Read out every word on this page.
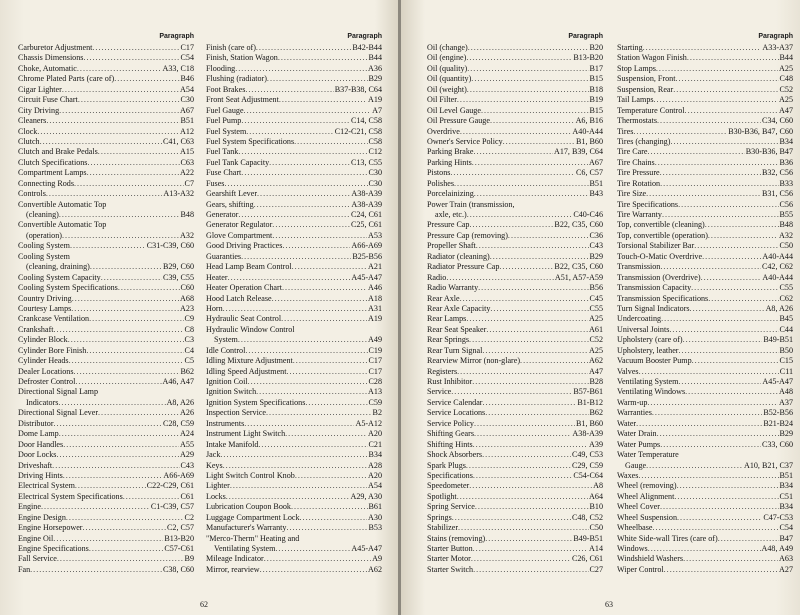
Paragraph
Carburetor Adjustment .....	C17
Chassis Dimensions .....	C54
Choke, Automatic .....	A33, C18
Chrome Plated Parts (care of) .....	B46
Cigar Lighter .....	A54
Circuit Fuse Chart .....	C30
City Driving .....	A67
Cleaners .....	B51
Clock .....	A12
Clutch .....	C41, C63
Clutch and Brake Pedals .....	A15
Clutch Specifications .....	C63
Compartment Lamps .....	A22
Connecting Rods .....	C7
Controls .....	A13-A32
Convertible Automatic Top
(cleaning) .....	B48
Convertible Automatic Top
(operation) .....	A32
Cooling System .....	C31-C39, C60
Cooling System
(cleaning, draining) .....	B29, C60
Cooling System Capacity .....	C39, C55
Cooling System Specifications .....	C60
Country Driving .....	A68
Courtesy Lamps .....	A23
Crankcase Ventilation .....	C9
Crankshaft .....	C8
Cylinder Block .....	C3
Cylinder Bore Finish .....	C4
Cylinder Heads .....	C5
Dealer Locations .....	B62
Defroster Control .....	A46, A47
Directional Signal Lamp
Indicators .....	A8, A26
Directional Signal Lever .....	A26
Distributor .....	C28, C59
Dome Lamp .....	A24
Door Handles .....	A55
Door Locks .....	A29
Driveshaft .....	C43
Driving Hints .....	A66-A69
Electrical System .....	C22-C29, C61
Electrical System Specifications .....	C61
Engine .....	C1-C39, C57
Engine Design .....	C2
Engine Horsepower .....	C2, C57
Engine Oil .....	B13-B20
Engine Specifications .....	C57-C61
Fall Service .....	B9
Fan .....	C38, C60
Paragraph
Finish (care of) .....	B42-B44
Finish, Station Wagon .....	B44
Flooding .....	A36
Flushing (radiator) .....	B29
Foot Brakes .....	B37-B38, C64
Front Seat Adjustment .....	A19
Fuel Gauge .....	A7
Fuel Pump .....	C14, C58
Fuel System .....	C12-C21, C58
Fuel System Specifications .....	C58
Fuel Tank .....	C12
Fuel Tank Capacity .....	C13, C55
Fuse Chart .....	C30
Fuses .....	C30
Gearshift Lever .....	A38-A39
Gears, shifting .....	A38-A39
Generator .....	C24, C61
Generator Regulator .....	C25, C61
Glove Compartment .....	A53
Good Driving Practices .....	A66-A69
Guaranties .....	B25-B56
Head Lamp Beam Control .....	A21
Heater .....	A45-A47
Heater Operation Chart .....	A46
Hood Latch Release .....	A18
Horn .....	A31
Hydraulic Seat Control .....	A19
Hydraulic Window Control
System .....	A49
Idle Control .....	C19
Idling Mixture Adjustment .....	C17
Idling Speed Adjustment .....	C17
Ignition Coil .....	C28
Ignition Switch .....	A13
Ignition System Specifications .....	C59
Inspection Service .....	B2
Instruments .....	A5-A12
Instrument Light Switch .....	A20
Intake Manifold .....	C21
Jack .....	B34
Keys .....	A28
Light Switch Control Knob .....	A20
Lighter .....	A54
Locks .....	A29, A30
Lubrication Coupon Book .....	B61
Luggage Compartment Lock .....	A30
Manufacturer's Warranty .....	B53
"Merco-Therm" Heating and
Ventilating System .....	A45-A47
Mileage Indicator .....	A9
Mirror, rearview .....	A62
62
Paragraph
Oil (change) .....	B20
Oil (engine) .....	B13-B20
Oil (quality) .....	B17
Oil (quantity) .....	B15
Oil (weight) .....	B18
Oil Filter .....	B19
Oil Level Gauge .....	B15
Oil Pressure Gauge .....	A6, B16
Overdrive .....	A40-A44
Owner's Service Policy .....	B1, B60
Parking Brake .....	A17, B39, C64
Parking Hints .....	A67
Pistons .....	C6, C57
Polishes .....	B51
Porcelainizing .....	B43
Power Train (transmission,
axle, etc.) .....	C40-C46
Pressure Cap .....	B22, C35, C60
Pressure Cap (removing) .....	C36
Propeller Shaft .....	C43
Radiator (cleaning) .....	B29
Radiator Pressure Cap .....	B22, C35, C60
Radio .....	A51, A57-A59
Radio Warranty .....	B56
Rear Axle .....	C45
Rear Axle Capacity .....	C55
Rear Lamps .....	A25
Rear Seat Speaker .....	A61
Rear Springs .....	C52
Rear Turn Signal .....	A25
Rearview Mirror (non-glare) .....	A62
Registers .....	A47
Rust Inhibitor .....	B28
Service .....	B57-B61
Service Calendar .....	B1-B12
Service Locations .....	B62
Service Policy .....	B1, B60
Shifting Gears .....	A38-A39
Shifting Hints .....	A39
Shock Absorbers .....	C49, C53
Spark Plugs .....	C29, C59
Specifications .....	C54-C64
Speedometer .....	A8
Spotlight .....	A64
Spring Service .....	B10
Springs .....	C48, C52
Stabilizer .....	C50
Stains (removing) .....	B49-B51
Starter Button .....	A14
Starter Motor .....	C26, C61
Starter Switch .....	C27
Paragraph
Starting .....	A33-A37
Station Wagon Finish .....	B44
Stop Lamps .....	A25
Suspension, Front .....	C48
Suspension, Rear .....	C52
Tail Lamps .....	A25
Temperature Control .....	A47
Thermostats .....	C34, C60
Tires .....	B30-B36, B47, C60
Tires (changing) .....	B34
Tire Care .....	B30-B36, B47
Tire Chains .....	B36
Tire Pressure .....	B32, C56
Tire Rotation .....	B33
Tire Size .....	B31, C56
Tire Specifications .....	C56
Tire Warranty .....	B55
Top, convertible (cleaning) .....	B48
Top, convertible (operation) .....	A32
Torsional Stabilizer Bar .....	C50
Touch-O-Matic Overdrive .....	A40-A44
Transmission .....	C42, C62
Transmission (Overdrive) .....	A40-A44
Transmission Capacity .....	C55
Transmission Specifications .....	C62
Turn Signal Indicators .....	A8, A26
Undercoating .....	B45
Universal Joints .....	C44
Upholstery (care of) .....	B49-B51
Upholstery, leather .....	B50
Vacuum Booster Pump .....	C15
Valves .....	C11
Ventilating System .....	A45-A47
Ventilating Windows .....	A48
Warm-up .....	A37
Warranties .....	B52-B56
Water .....	B21-B24
Water Drain .....	B29
Water Pumps .....	C33, C60
Water Temperature
Gauge .....	A10, B21, C37
Waxes .....	B51
Wheel (removing) .....	B34
Wheel Alignment .....	C51
Wheel Cover .....	B34
Wheel Suspension .....	C47-C53
Wheelbase .....	C54
White Side-wall Tires (care of) .....	B47
Windows .....	A48, A49
Windshield Washers .....	A63
Wiper Control .....	A27
63
